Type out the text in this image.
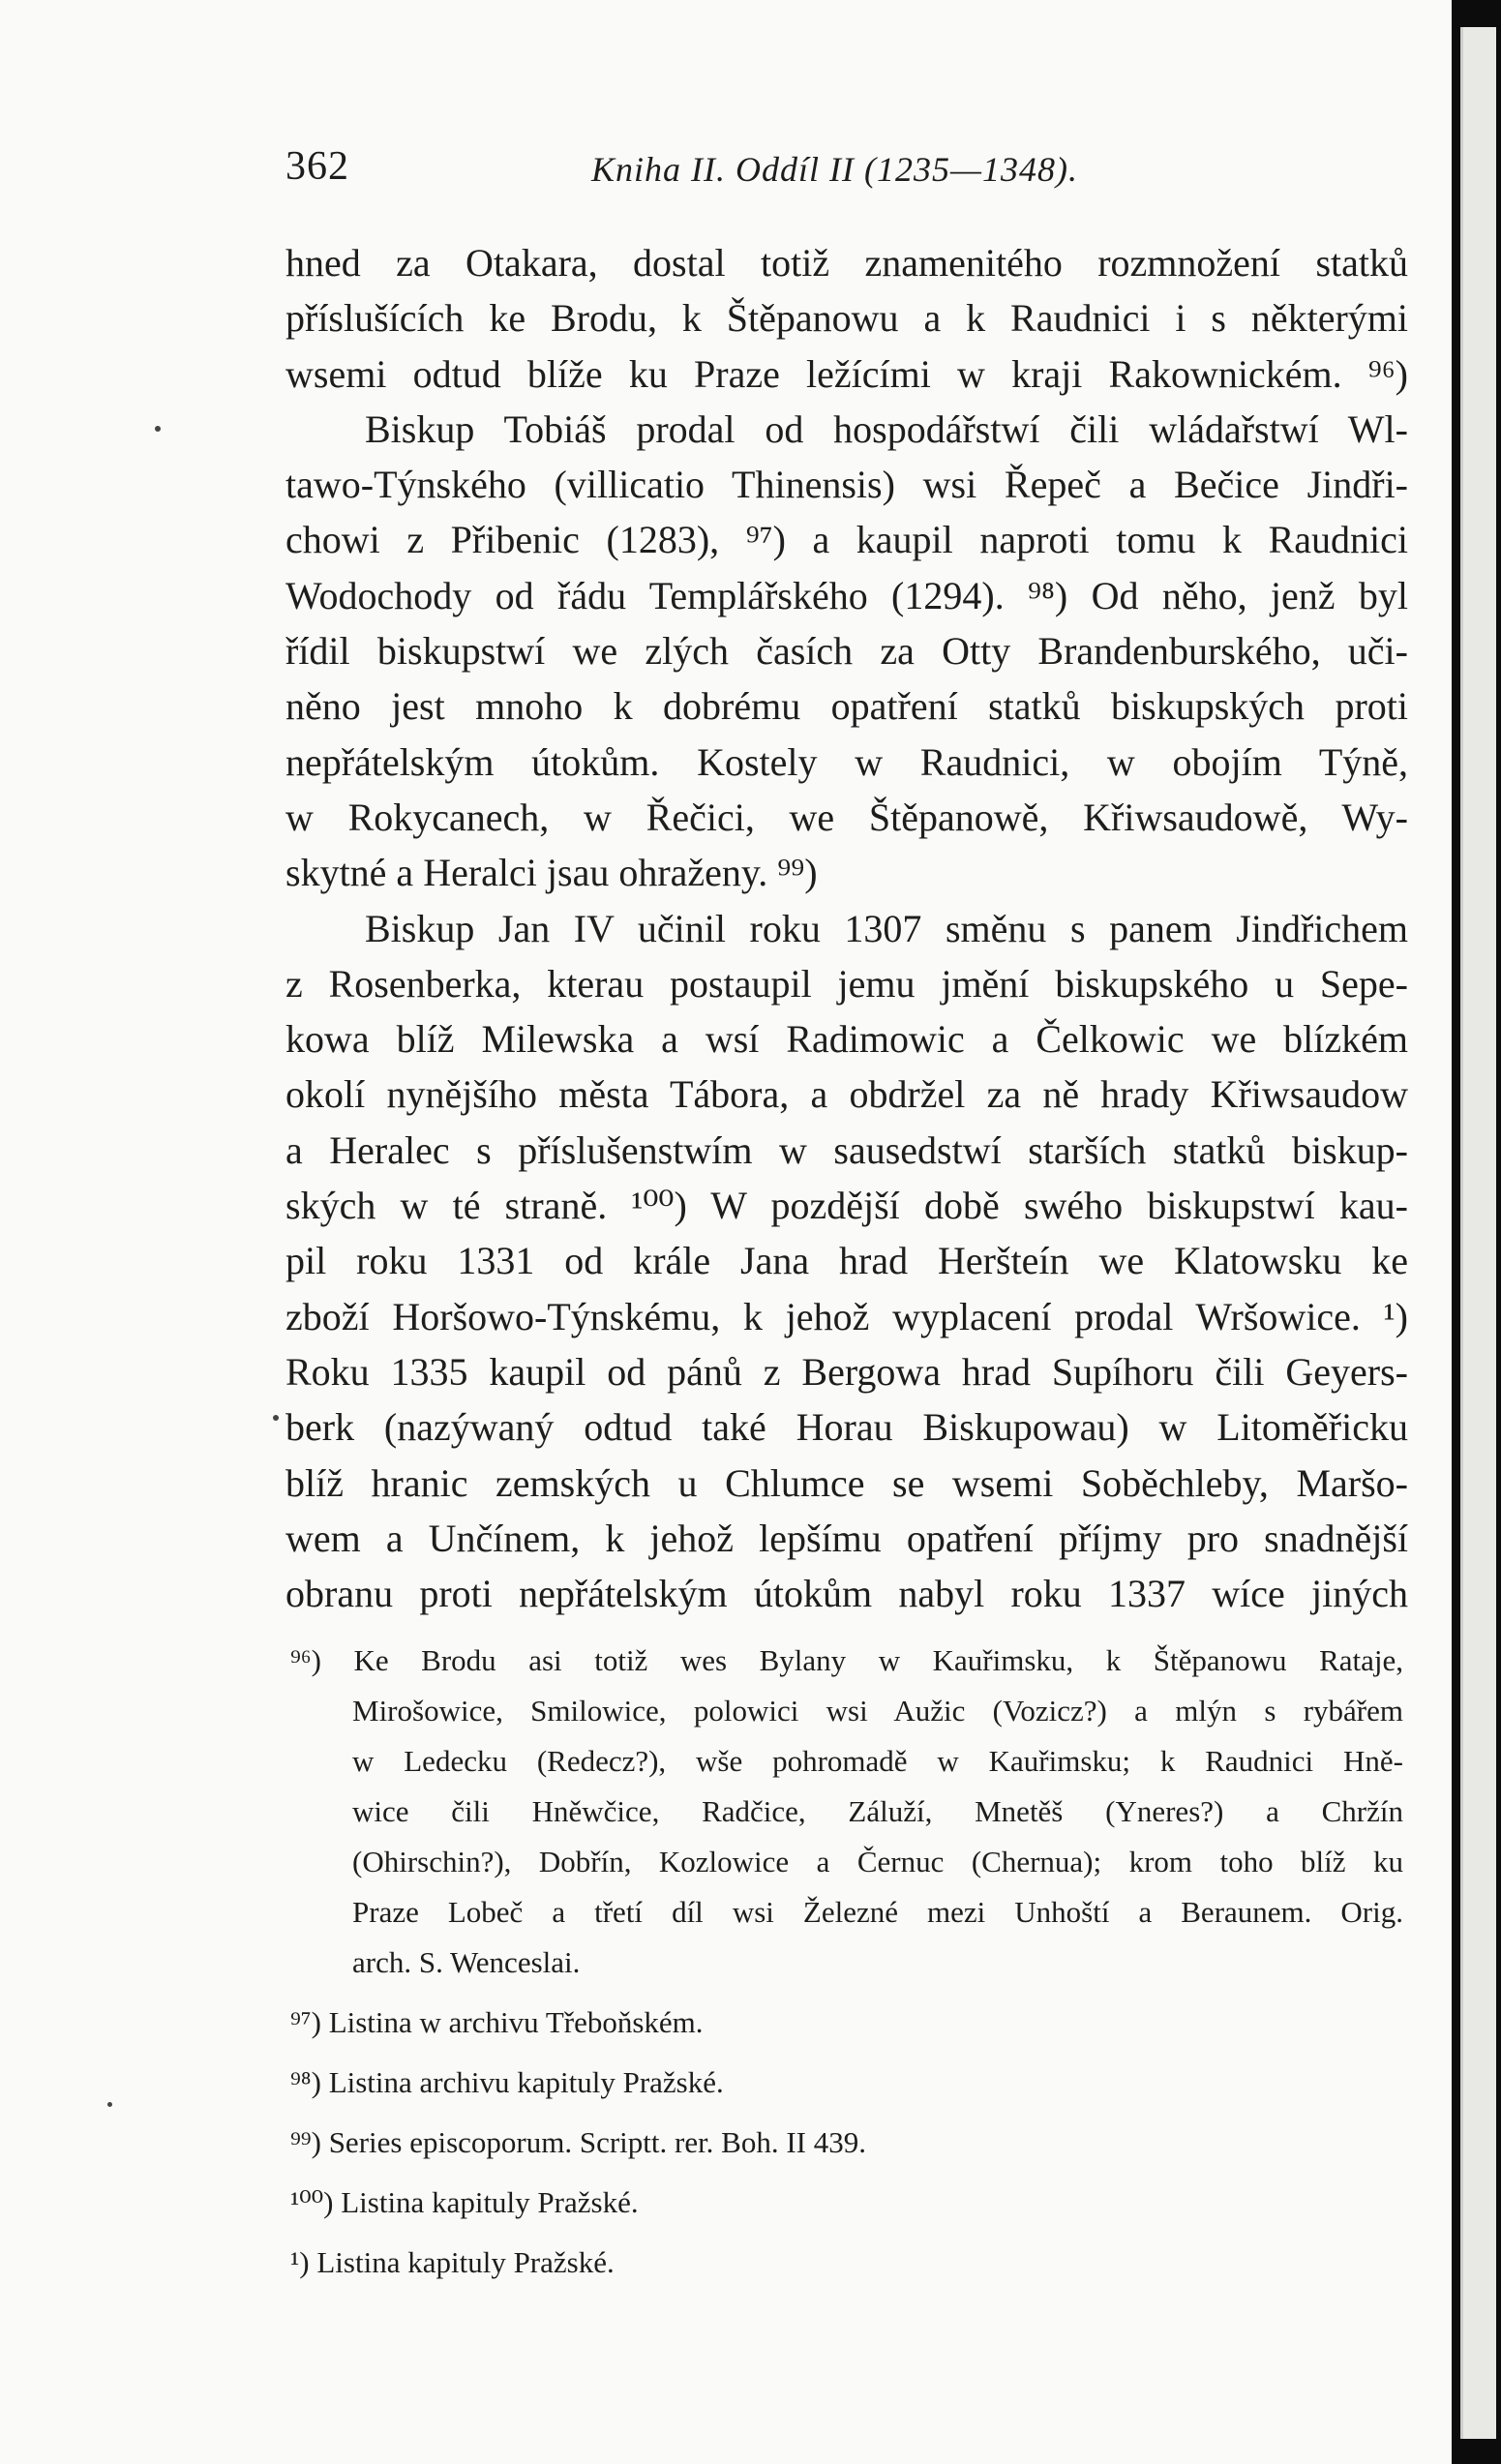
362	Kniha II. Oddíl II (1235—1348).
hned za Otakara, dostal totiž znamenitého rozmnožení statků
příslušících ke Brodu, k Štěpanowu a k Raudnici i s některými
wsemi odtud blíže ku Praze ležícími w kraji Rakownickém. ⁹⁶)
Biskup Tobiáš prodal od hospodářstwí čili wládařstwí Wl-
tawo-Týnského (villicatio Thinensis) wsi Řepeč a Bečice Jindři-
chowi z Přibenic (1283), ⁹⁷) a kaupil naproti tomu k Raudnici
Wodochody od řádu Templářského (1294). ⁹⁸) Od něho, jenž byl
řídil biskupstwí we zlých časích za Otty Brandenburského, uči-
něno jest mnoho k dobrému opatření statků biskupských proti
nepřátelským útokům. Kostely w Raudnici, w obojím Týně,
w Rokycanech, w Řečici, we Štěpanowě, Křiwsaudowě, Wy-
skytné a Heralci jsau ohraženy. ⁹⁹)
Biskup Jan IV učinil roku 1307 směnu s panem Jindřichem
z Rosenberka, kterau postaupil jemu jmění biskupského u Sepe-
kowa blíž Milewska a wsí Radimowic a Čelkowic we blízkém
okolí nynějšího města Tábora, a obdržel za ně hrady Křiwsaudow
a Heralec s příslušenstwím w sausedstwí starších statků biskup-
ských w té straně. ¹⁰⁰) W pozdější době swého biskupstwí kau-
pil roku 1331 od krále Jana hrad Heršteín we Klatowsku ke
zboží Horšowo-Týnskému, k jehož wyplacení prodal Wršowice. ¹)
Roku 1335 kaupil od pánů z Bergowa hrad Supíhoru čili Geyers-
berk (nazýwaný odtud také Horau Biskupowau) w Litoměřicku
blíž hranic zemských u Chlumce se wsemi Soběchleby, Maršo-
wem a Unčínem, k jehož lepšímu opatření příjmy pro snadnější
obranu proti nepřátelským útokům nabyl roku 1337 wíce jiných
⁹⁶) Ke Brodu asi totiž wes Bylany w Kauřimsku, k Štěpanowu Rataje,
Mirošowice, Smilowice, polowici wsi Aužic (Vozicz?) a mlýn s rybářem
w Ledecku (Redecz?), wše pohromadě w Kauřimsku; k Raudnici Hně-
wice čili Hněwčice, Radčice, Záluží, Mnetěš (Yneres?) a Chržín
(Ohirschin?), Dobřín, Kozlowice a Černuc (Chernua); krom toho blíž ku
Praze Lobeč a třetí díl wsi Železné mezi Unhoští a Beraunem. Orig.
arch. S. Wenceslai.
⁹⁷) Listina w archivu Třeboňském.
⁹⁸) Listina archivu kapituly Pražské.
⁹⁹) Series episcoporum. Scriptt. rer. Boh. II 439.
¹⁰⁰) Listina kapituly Pražské.
¹) Listina kapituly Pražské.
